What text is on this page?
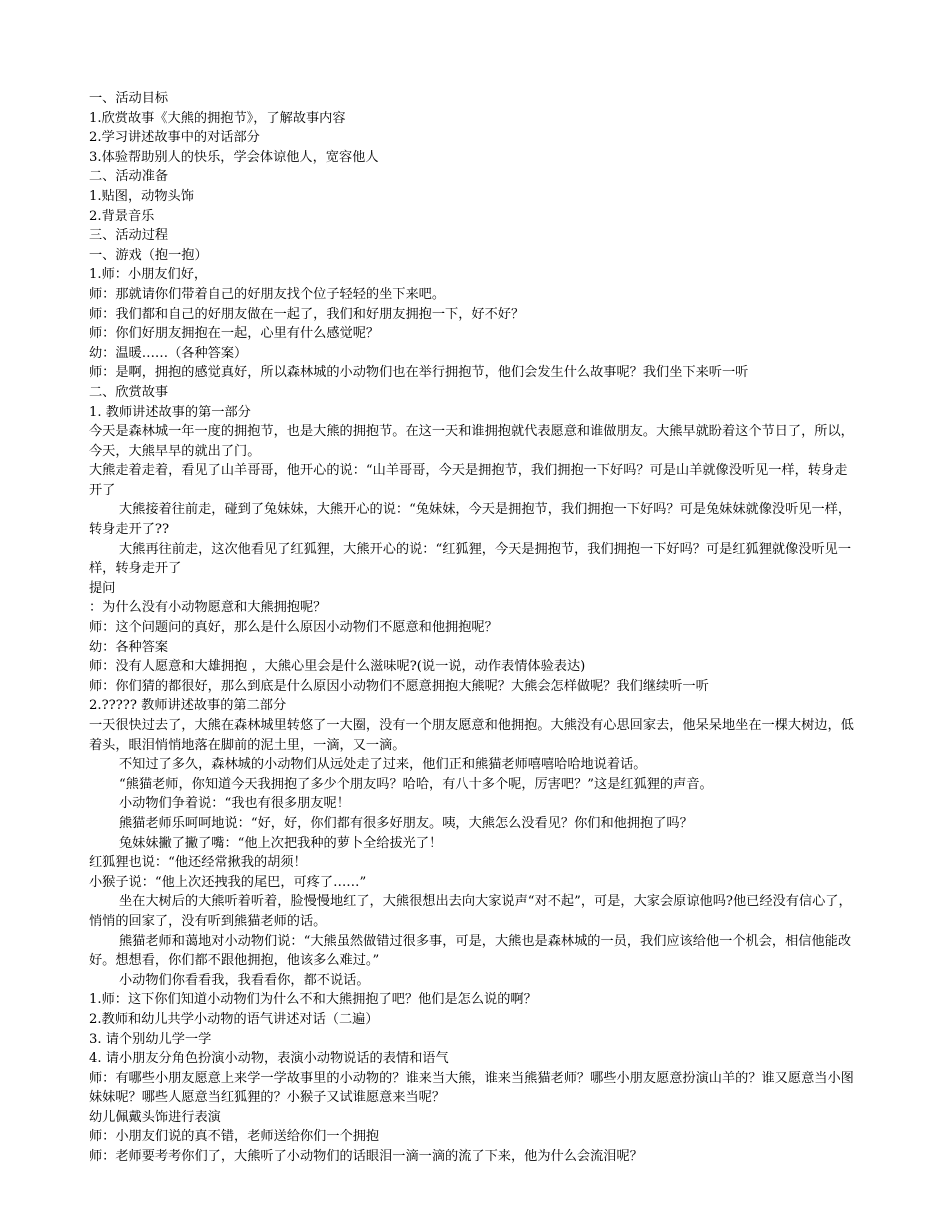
一、活动目标

1.欣赏故事《大熊的拥抱节》，了解故事内容

2.学习讲述故事中的对话部分

3.体验帮助别人的快乐，学会体谅他人，宽容他人

二、活动准备

1.贴图，动物头饰

2.背景音乐

三、活动过程

一、游戏（抱一抱）

1.师：小朋友们好，

师：那就请你们带着自己的好朋友找个位子轻轻的坐下来吧。

师：我们都和自己的好朋友做在一起了，我们和好朋友拥抱一下，好不好？

师：你们好朋友拥抱在一起，心里有什么感觉呢？

幼：温暖……（各种答案）

师：是啊，拥抱的感觉真好，所以森林城的小动物们也在举行拥抱节，他们会发生什么故事呢？我们坐下来听一听

二、欣赏故事

1. 教师讲述故事的第一部分

今天是森林城一年一度的拥抱节，也是大熊的拥抱节。在这一天和谁拥抱就代表愿意和谁做朋友。大熊早就盼着这个节日了，所以，今天，大熊早早的就出了门。

大熊走着走着，看见了山羊哥哥，他开心的说：“山羊哥哥，今天是拥抱节，我们拥抱一下好吗？可是山羊就像没听见一样，转身走开了

大熊接着往前走，碰到了兔妹妹，大熊开心的说：“兔妹妹，今天是拥抱节，我们拥抱一下好吗？可是兔妹妹就像没听见一样，转身走开了??

大熊再往前走，这次他看见了红狐狸，大熊开心的说：“红狐狸，今天是拥抱节，我们拥抱一下好吗？可是红狐狸就像没听见一样，转身走开了

提问

：为什么没有小动物愿意和大熊拥抱呢？

师：这个问题问的真好，那么是什么原因小动物们不愿意和他拥抱呢？

幼：各种答案

师：没有人愿意和大雄拥抱 ，大熊心里会是什么滋味呢?(说一说，动作表情体验表达)

师：你们猜的都很好，那么到底是什么原因小动物们不愿意拥抱大熊呢？大熊会怎样做呢？我们继续听一听

2.????? 教师讲述故事的第二部分

一天很快过去了，大熊在森林城里转悠了一大圈，没有一个朋友愿意和他拥抱。大熊没有心思回家去，他呆呆地坐在一棵大树边，低着头，眼泪悄悄地落在脚前的泥土里，一滴，又一滴。

不知过了多久，森林城的小动物们从远处走了过来，他们正和熊猫老师嘻嘻哈哈地说着话。

“熊猫老师，你知道今天我拥抱了多少个朋友吗？哈哈，有八十多个呢，厉害吧？”这是红狐狸的声音。

小动物们争着说：“我也有很多朋友呢！

熊猫老师乐呵呵地说：“好，好，你们都有很多好朋友。咦，大熊怎么没看见？你们和他拥抱了吗？

兔妹妹撇了撇了嘴：“他上次把我种的萝卜全给拔光了！

红狐狸也说：“他还经常揪我的胡须！

小猴子说：“他上次还拽我的尾巴，可疼了……”

坐在大树后的大熊听着听着，脸慢慢地红了，大熊很想出去向大家说声“对不起”，可是，大家会原谅他吗?他已经没有信心了，悄悄的回家了，没有听到熊猫老师的话。

熊猫老师和蔼地对小动物们说：“大熊虽然做错过很多事，可是，大熊也是森林城的一员，我们应该给他一个机会，相信他能改好。想想看，你们都不跟他拥抱，他该多么难过。”

小动物们你看看我，我看看你，都不说话。

1.师：这下你们知道小动物们为什么不和大熊拥抱了吧？他们是怎么说的啊？

2.教师和幼儿共学小动物的语气讲述对话（二遍）

3. 请个别幼儿学一学

4. 请小朋友分角色扮演小动物，表演小动物说话的表情和语气

师：有哪些小朋友愿意上来学一学故事里的小动物的？谁来当大熊，谁来当熊猫老师？哪些小朋友愿意扮演山羊的？谁又愿意当小图妹妹呢？哪些人愿意当红狐狸的？小猴子又试谁愿意来当呢？

幼儿佩戴头饰进行表演

师：小朋友们说的真不错，老师送给你们一个拥抱

师：老师要考考你们了，大熊听了小动物们的话眼泪一滴一滴的流了下来，他为什么会流泪呢？
